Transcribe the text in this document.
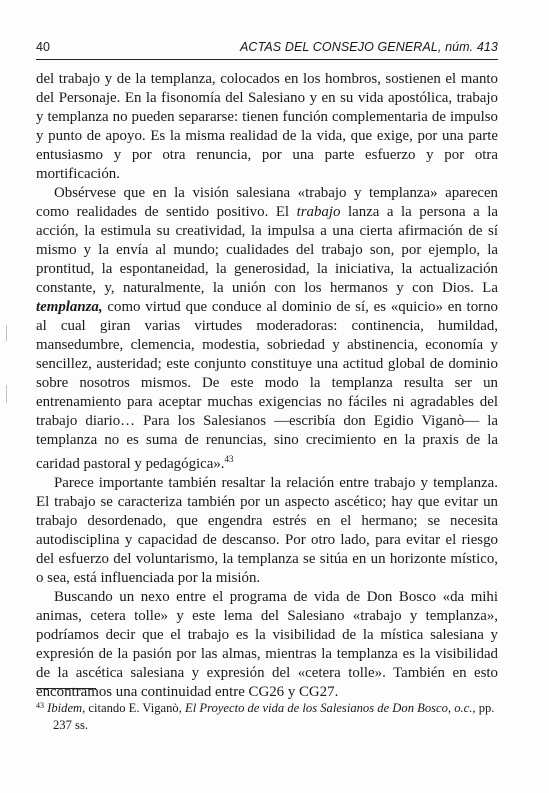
40	ACTAS DEL CONSEJO GENERAL, núm. 413

del trabajo y de la templanza, colocados en los hombros, sostienen el manto del Personaje. En la fisonomía del Salesiano y en su vida apostólica, trabajo y templanza no pueden separarse: tienen función complementaria de impulso y punto de apoyo. Es la misma realidad de la vida, que exige, por una parte entusiasmo y por otra renuncia, por una parte esfuerzo y por otra mortificación.

Obsérvese que en la visión salesiana «trabajo y templanza» aparecen como realidades de sentido positivo. El trabajo lanza a la persona a la acción, la estimula su creatividad, la impulsa a una cierta afirmación de sí mismo y la envía al mundo; cualidades del trabajo son, por ejemplo, la prontitud, la espontaneidad, la generosidad, la iniciativa, la actualización constante, y, naturalmente, la unión con los hermanos y con Dios. La templanza, como virtud que conduce al dominio de sí, es «quicio» en torno al cual giran varias virtudes moderadoras: continencia, humildad, mansedumbre, clemencia, modestia, sobriedad y abstinencia, economía y sencillez, austeridad; este conjunto constituye una actitud global de dominio sobre nosotros mismos. De este modo la templanza resulta ser un entrenamiento para aceptar muchas exigencias no fáciles ni agradables del trabajo diario… Para los Salesianos —escribía don Egidio Viganò— la templanza no es suma de renuncias, sino crecimiento en la praxis de la caridad pastoral y pedagógica».$^{43}$

Parece importante también resaltar la relación entre trabajo y templanza. El trabajo se caracteriza también por un aspecto ascético; hay que evitar un trabajo desordenado, que engendra estrés en el hermano; se necesita autodisciplina y capacidad de descanso. Por otro lado, para evitar el riesgo del esfuerzo del voluntarismo, la templanza se sitúa en un horizonte místico, o sea, está influenciada por la misión.

Buscando un nexo entre el programa de vida de Don Bosco «da mihi animas, cetera tolle» y este lema del Salesiano «trabajo y templanza», podríamos decir que el trabajo es la visibilidad de la mística salesiana y expresión de la pasión por las almas, mientras la templanza es la visibilidad de la ascética salesiana y expresión del «cetera tolle». También en esto encontramos una continuidad entre CG26 y CG27.

$^{43}$ Ibidem, citando E. Viganò, El Proyecto de vida de los Salesianos de Don Bosco, o.c., pp. 237 ss.
